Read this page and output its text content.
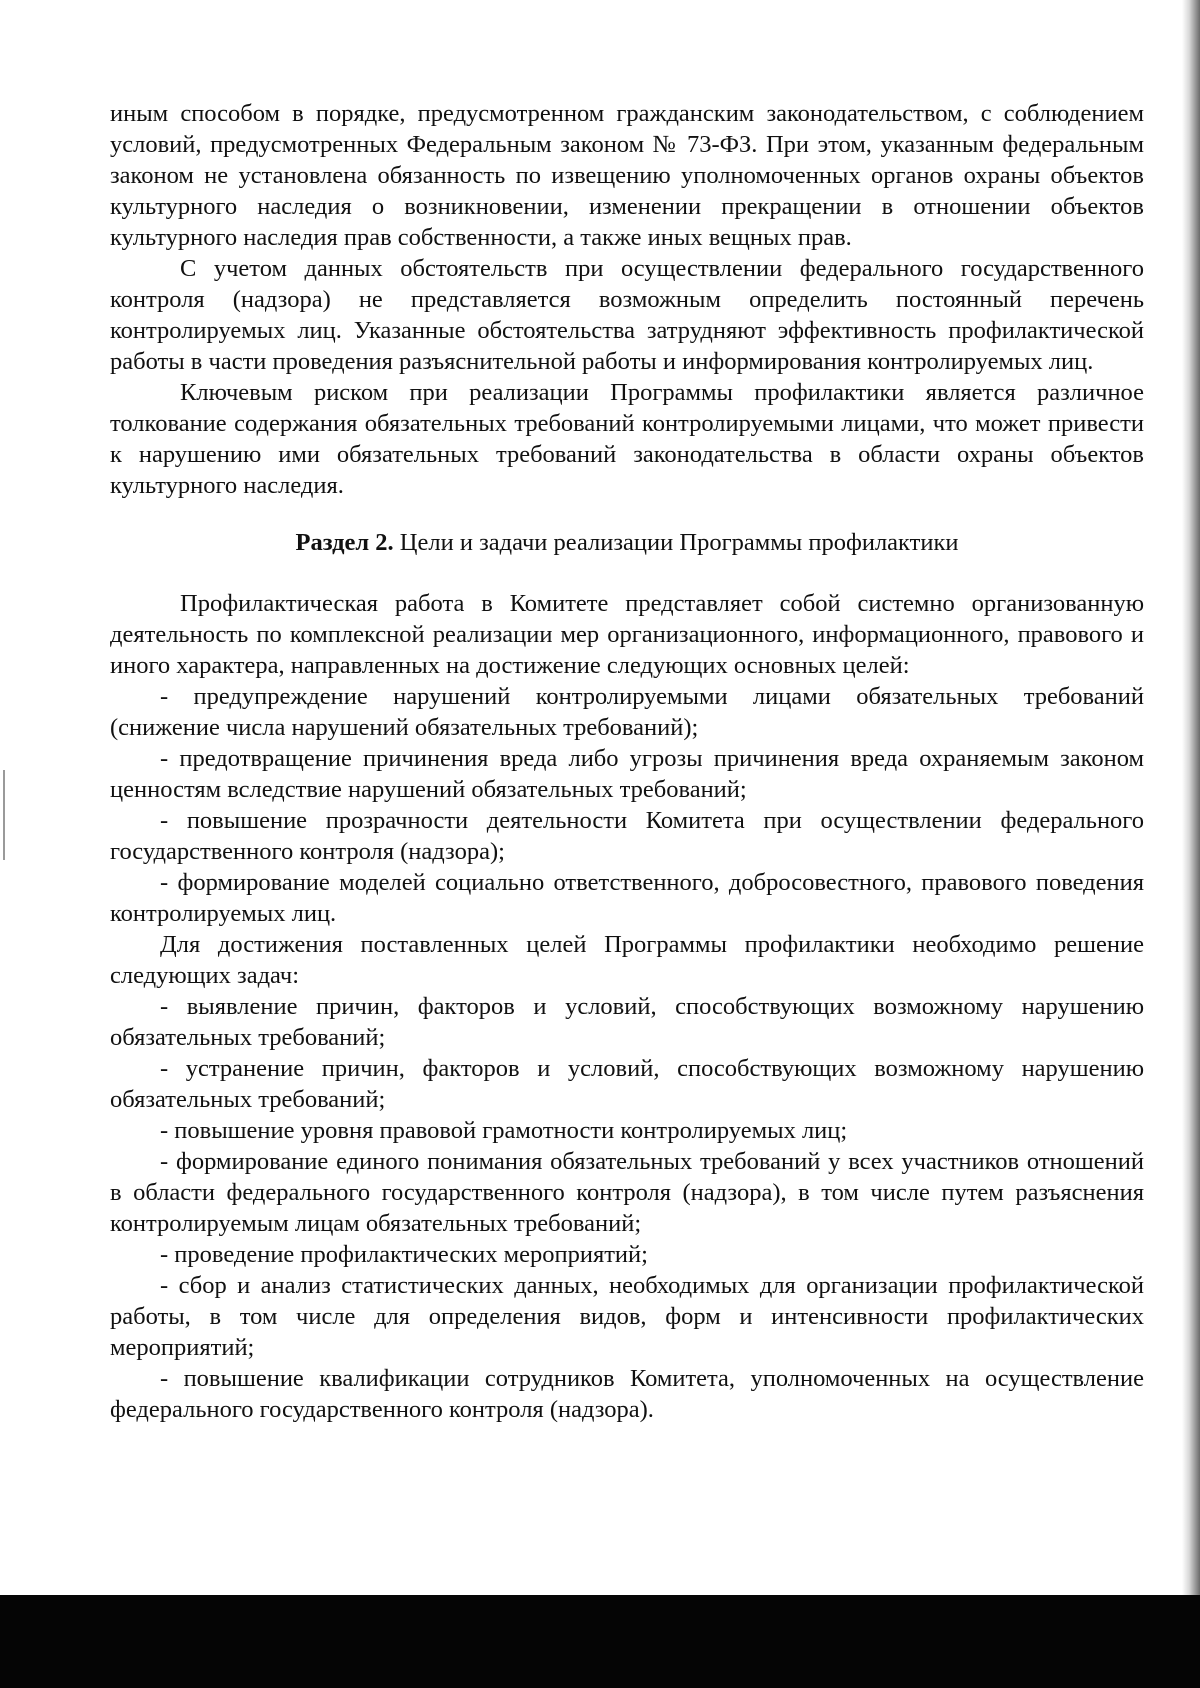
иным способом в порядке, предусмотренном гражданским законодательством, с соблюдением условий, предусмотренных Федеральным законом № 73-ФЗ. При этом, указанным федеральным законом не установлена обязанность по извещению уполномоченных органов охраны объектов культурного наследия о возникновении, изменении прекращении в отношении объектов культурного наследия прав собственности, а также иных вещных прав.

С учетом данных обстоятельств при осуществлении федерального государственного контроля (надзора) не представляется возможным определить постоянный перечень контролируемых лиц. Указанные обстоятельства затрудняют эффективность профилактической работы в части проведения разъяснительной работы и информирования контролируемых лиц.

Ключевым риском при реализации Программы профилактики является различное толкование содержания обязательных требований контролируемыми лицами, что может привести к нарушению ими обязательных требований законодательства в области охраны объектов культурного наследия.

Раздел 2. Цели и задачи реализации Программы профилактики

Профилактическая работа в Комитете представляет собой системно организованную деятельность по комплексной реализации мер организационного, информационного, правового и иного характера, направленных на достижение следующих основных целей:

- предупреждение нарушений контролируемыми лицами обязательных требований (снижение числа нарушений обязательных требований);

- предотвращение причинения вреда либо угрозы причинения вреда охраняемым законом ценностям вследствие нарушений обязательных требований;

- повышение прозрачности деятельности Комитета при осуществлении федерального государственного контроля (надзора);

- формирование моделей социально ответственного, добросовестного, правового поведения контролируемых лиц.

Для достижения поставленных целей Программы профилактики необходимо решение следующих задач:

- выявление причин, факторов и условий, способствующих возможному нарушению обязательных требований;

- устранение причин, факторов и условий, способствующих возможному нарушению обязательных требований;

- повышение уровня правовой грамотности контролируемых лиц;

- формирование единого понимания обязательных требований у всех участников отношений в области федерального государственного контроля (надзора), в том числе путем разъяснения контролируемым лицам обязательных требований;

- проведение профилактических мероприятий;

- сбор и анализ статистических данных, необходимых для организации профилактической работы, в том числе для определения видов, форм и интенсивности профилактических мероприятий;

- повышение квалификации сотрудников Комитета, уполномоченных на осуществление федерального государственного контроля (надзора).
